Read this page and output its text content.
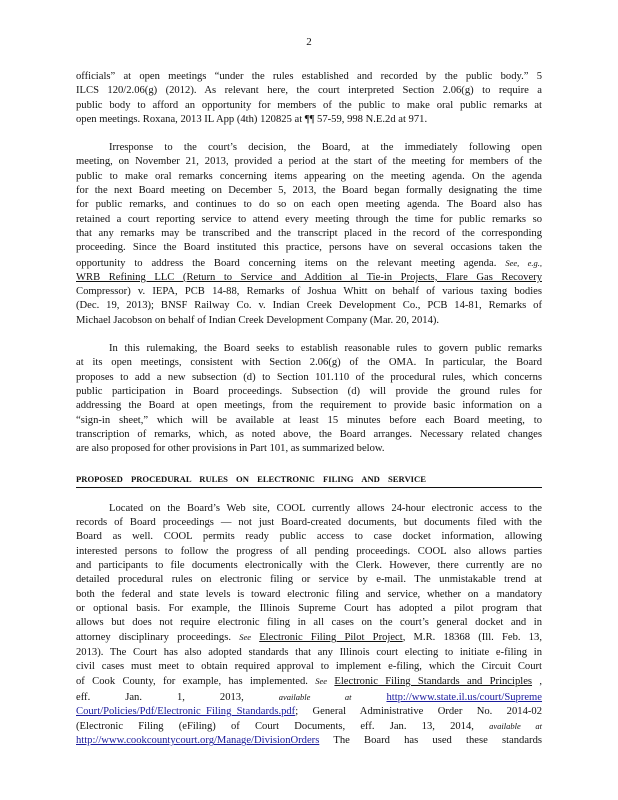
2

officials” at open meetings “under the rules established and recorded by the public body.” 5

ILCS 120/2.06(g) (2012). As relevant here, the court interpreted Section 2.06(g) to require a

public body to afford an opportunity for members of the public to make oral public remarks at

open meetings. Roxana, 2013 IL App (4th) 120825 at ¶¶ 57-59, 998 N.E.2d at 971.

Irresponse to the court’s decision, the Board, at the immediately following open

meeting, on November 21, 2013, provided a period at the start of the meeting for members of the

public to make oral remarks concerning items appearing on the meeting agenda. On the agenda

for the next Board meeting on December 5, 2013, the Board began formally designating the time

for public remarks, and continues to do so on each open meeting agenda. The Board also has

retained a court reporting service to attend every meeting through the time for public remarks so

that any remarks may be transcribed and the transcript placed in the record of the corresponding

proceeding. Since the Board instituted this practice, persons have on several occasions taken the

opportunity to address the Board concerning items on the relevant meeting agenda. See, e.g.,

WRB Refining LLC (Return to Service and Addition al Tie-in Projects, Flare Gas Recovery

Compressor) v. IEPA, PCB 14-88, Remarks of Joshua Whitt on behalf of various taxing bodies

(Dec. 19, 2013); BNSF Railway Co. v. Indian Creek Development Co., PCB 14-81, Remarks of

Michael Jacobson on behalf of Indian Creek Development Company (Mar. 20, 2014).

In this rulemaking, the Board seeks to establish reasonable rules to govern public remarks

at its open meetings, consistent with Section 2.06(g) of the OMA. In particular, the Board

proposes to add a new subsection (d) to Section 101.110 of the procedural rules, which concerns

public participation in Board proceedings. Subsection (d) will provide the ground rules for

addressing the Board at open meetings, from the requirement to provide basic information on a

“sign-in sheet,” which will be available at least 15 minutes before each Board meeting, to

transcription of remarks, which, as noted above, the Board arranges. Necessary related changes

are also proposed for other provisions in Part 101, as summarized below.

PROPOSED PROCEDURAL RULES ON ELECTRONIC FILING AND SERVICE

Located on the Board’s Web site, COOL currently allows 24-hour electronic access to the

records of Board proceedings — not just Board-created documents, but documents filed with the

Board as well. COOL permits ready public access to case docket information, allowing

interested persons to follow the progress of all pending proceedings. COOL also allows parties

and participants to file documents electronically with the Clerk. However, there currently are no

detailed procedural rules on electronic filing or service by e-mail. The unmistakable trend at

both the federal and state levels is toward electronic filing and service, whether on a mandatory

or optional basis. For example, the Illinois Supreme Court has adopted a pilot program that

allows but does not require electronic filing in all cases on the court’s general docket and in

attorney disciplinary proceedings. See Electronic Filing Pilot Project, M.R. 18368 (Ill. Feb. 13,

2013). The Court has also adopted standards that any Illinois court electing to initiate e-filing in

civil cases must meet to obtain required approval to implement e-filing, which the Circuit Court

of Cook County, for example, has implemented. See Electronic Filing Standards and Principles ,

eff. Jan. 1, 2013,	available at	http://www.state.il.us/court/Supreme

Court/Policies/Pdf/Electronic_Filing_Standards.pdf; General Administrative Order No. 2014-02

(Electronic Filing (eFiling) of Court Documents, eff. Jan. 13, 2014, available at

http://www.cookcountycourt.org/Manage/DivisionOrders The Board has used these standards
